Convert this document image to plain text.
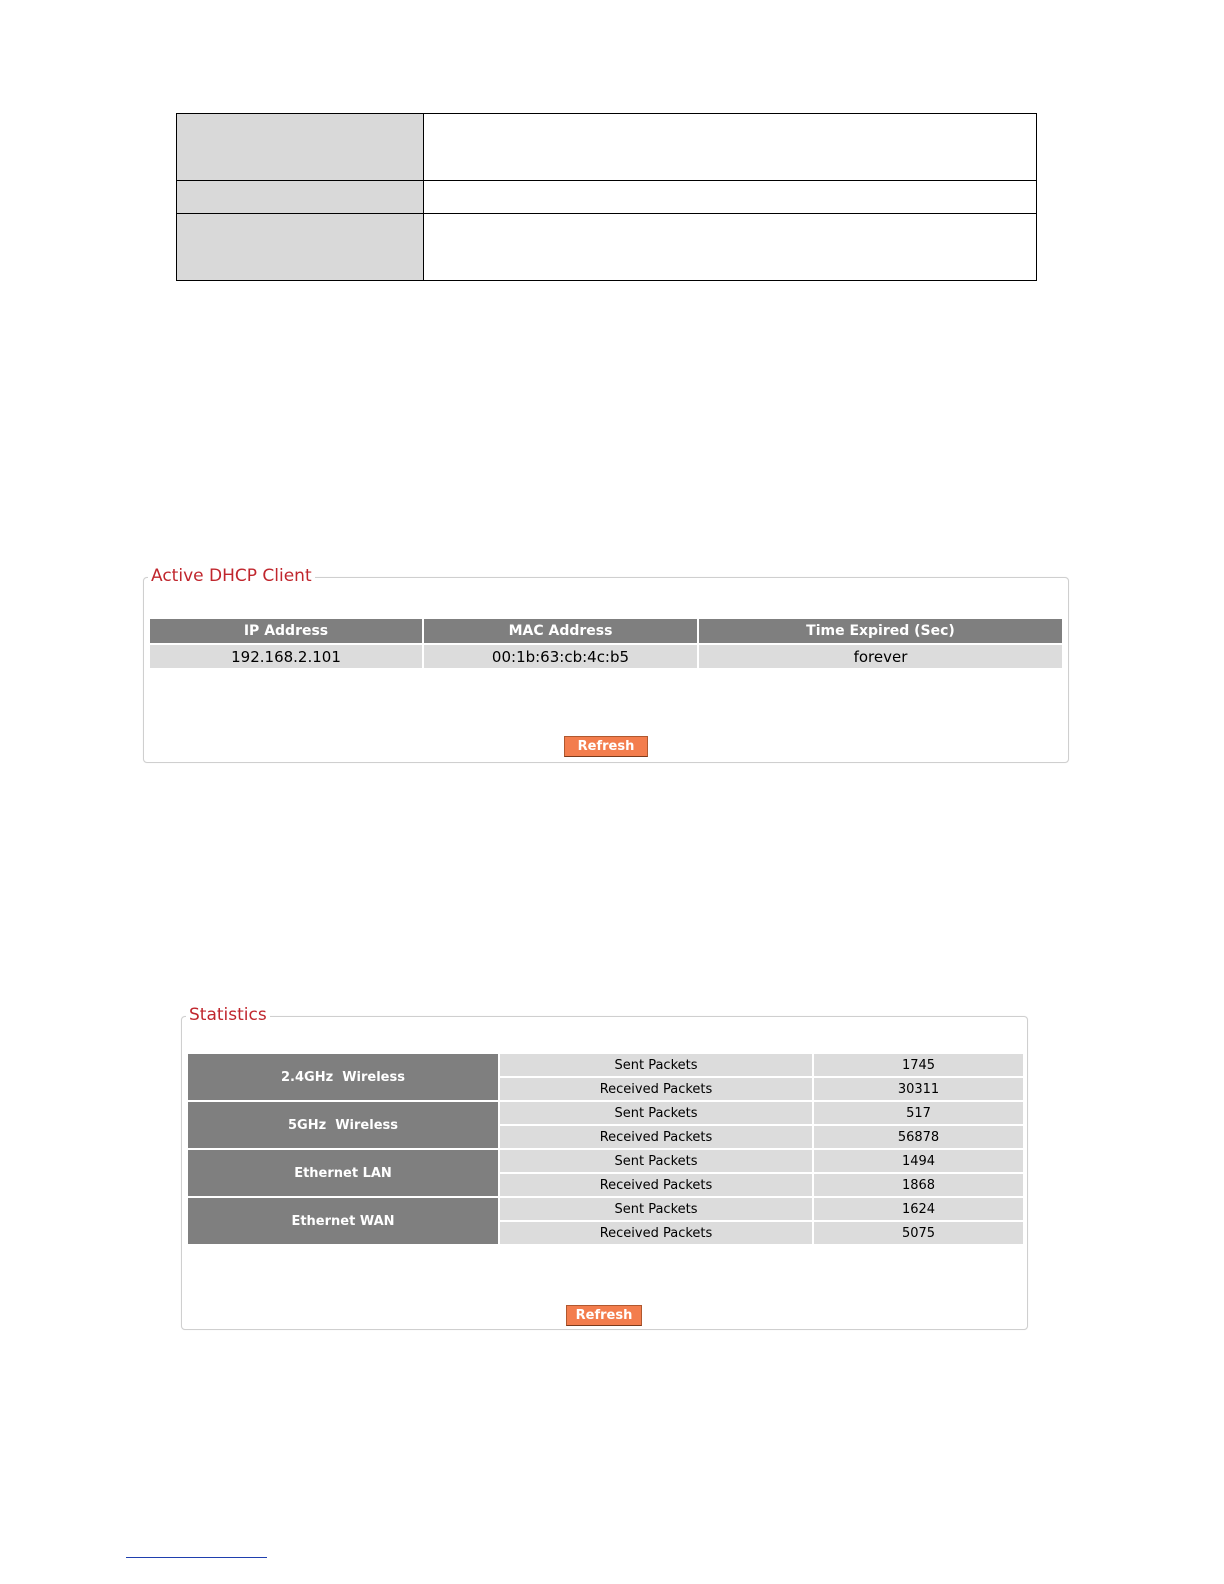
Active DHCP Client
IP Address	MAC Address	Time Expired (Sec)
192.168.2.101	00:1b:63:cb:4c:b5	forever
Refresh
Statistics
2.4GHz  Wireless	Sent Packets	1745
	Received Packets	30311
5GHz  Wireless	Sent Packets	517
	Received Packets	56878
Ethernet LAN	Sent Packets	1494
	Received Packets	1868
Ethernet WAN	Sent Packets	1624
	Received Packets	5075
Refresh
